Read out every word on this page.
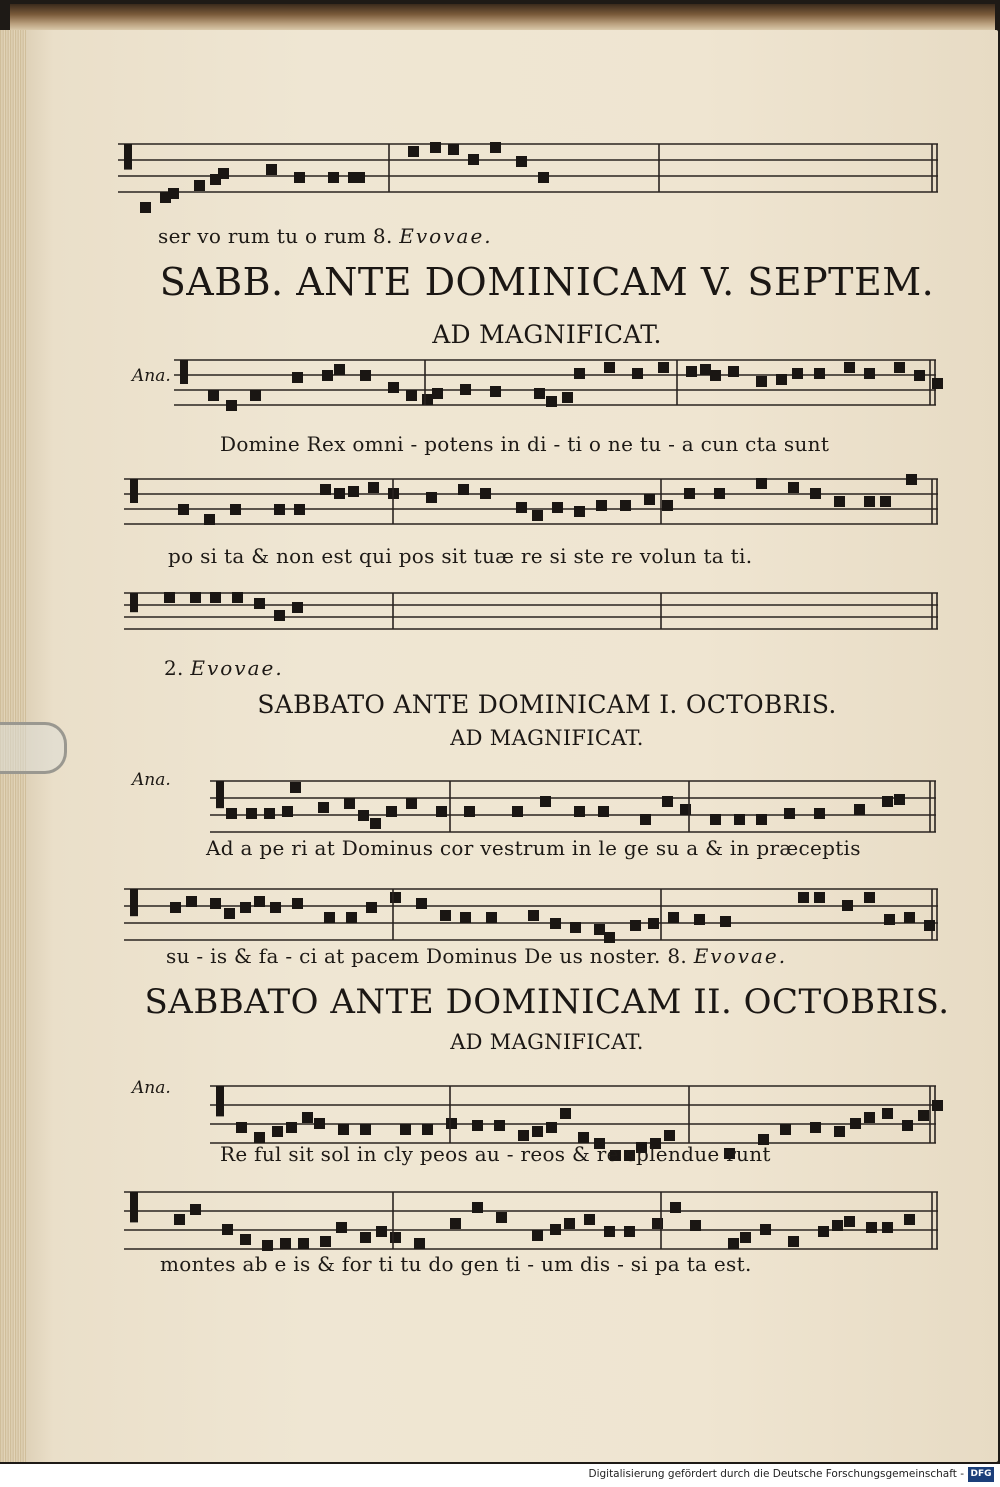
ser vo rum tu o rum 8. Evovae.
SABB. ANTE DOMINICAM V. SEPTEM.
AD MAGNIFICAT.
Ana.
Domine Rex omni - potens in di - ti o ne tu - a cun cta sunt
po si ta & non est qui pos sit tuæ re si ste re volun ta ti.
2. Evovae.
SABBATO ANTE DOMINICAM I. OCTOBRIS.
AD MAGNIFICAT.
Ana.
Ad a pe ri at Dominus cor vestrum in le ge su a & in præceptis
su - is & fa - ci at pacem Dominus De us noster. 8. Evovae.
SABBATO ANTE DOMINICAM II. OCTOBRIS.
AD MAGNIFICAT.
Ana.
Re ful sit sol in cly peos au - reos & re splendue runt
montes ab e is & for ti tu do gen ti - um dis - si pa ta est.
Digitalisierung gefördert durch die Deutsche Forschungsgemeinschaft - DFG
